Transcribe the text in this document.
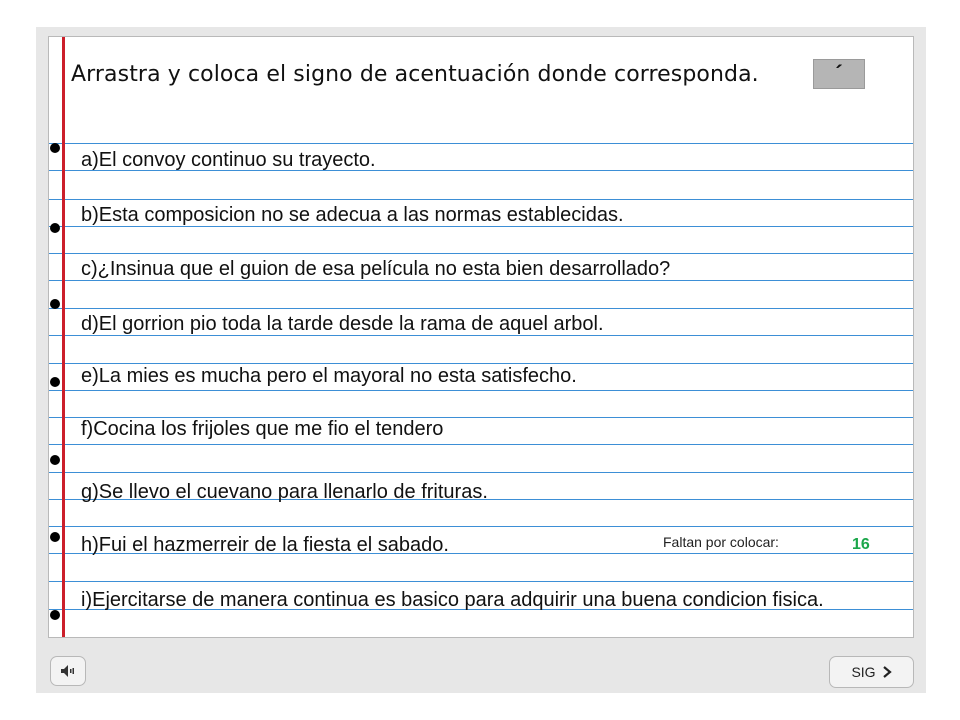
Arrastra y coloca el signo de acentuación donde corresponda.	´
a)El convoy continuo su trayecto.
b)Esta composicion no se adecua a las normas establecidas.
c)¿Insinua que el guion de esa película no esta bien desarrollado?
d)El gorrion pio toda la tarde desde la rama de aquel arbol.
e)La mies es mucha pero el mayoral no esta satisfecho.
f)Cocina los frijoles que me fio el tendero
g)Se llevo el cuevano para llenarlo de frituras.
h)Fui el hazmerreir de la fiesta el sabado.
i)Ejercitarse de manera continua es basico para adquirir una buena condicion fisica.
Faltan por colocar:	16
SIG
